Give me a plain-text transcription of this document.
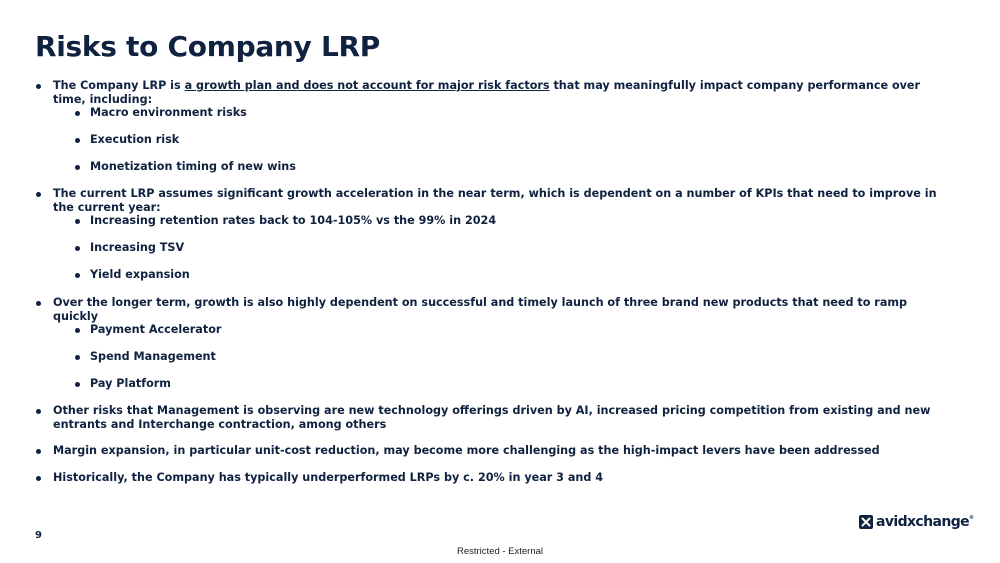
Risks to Company LRP
The Company LRP is a growth plan and does not account for major risk factors that may meaningfully impact company performance over time, including:
Macro environment risks
Execution risk
Monetization timing of new wins
The current LRP assumes significant growth acceleration in the near term, which is dependent on a number of KPIs that need to improve in the current year:
Increasing retention rates back to 104-105% vs the 99% in 2024
Increasing TSV
Yield expansion
Over the longer term, growth is also highly dependent on successful and timely launch of three brand new products that need to ramp quickly
Payment Accelerator
Spend Management
Pay Platform
Other risks that Management is observing are new technology offerings driven by AI, increased pricing competition from existing and new entrants and Interchange contraction, among others
Margin expansion, in particular unit-cost reduction, may become more challenging as the high-impact levers have been addressed
Historically, the Company has typically underperformed LRPs by c. 20% in year 3 and 4
avidxchange®
9
Restricted - External
